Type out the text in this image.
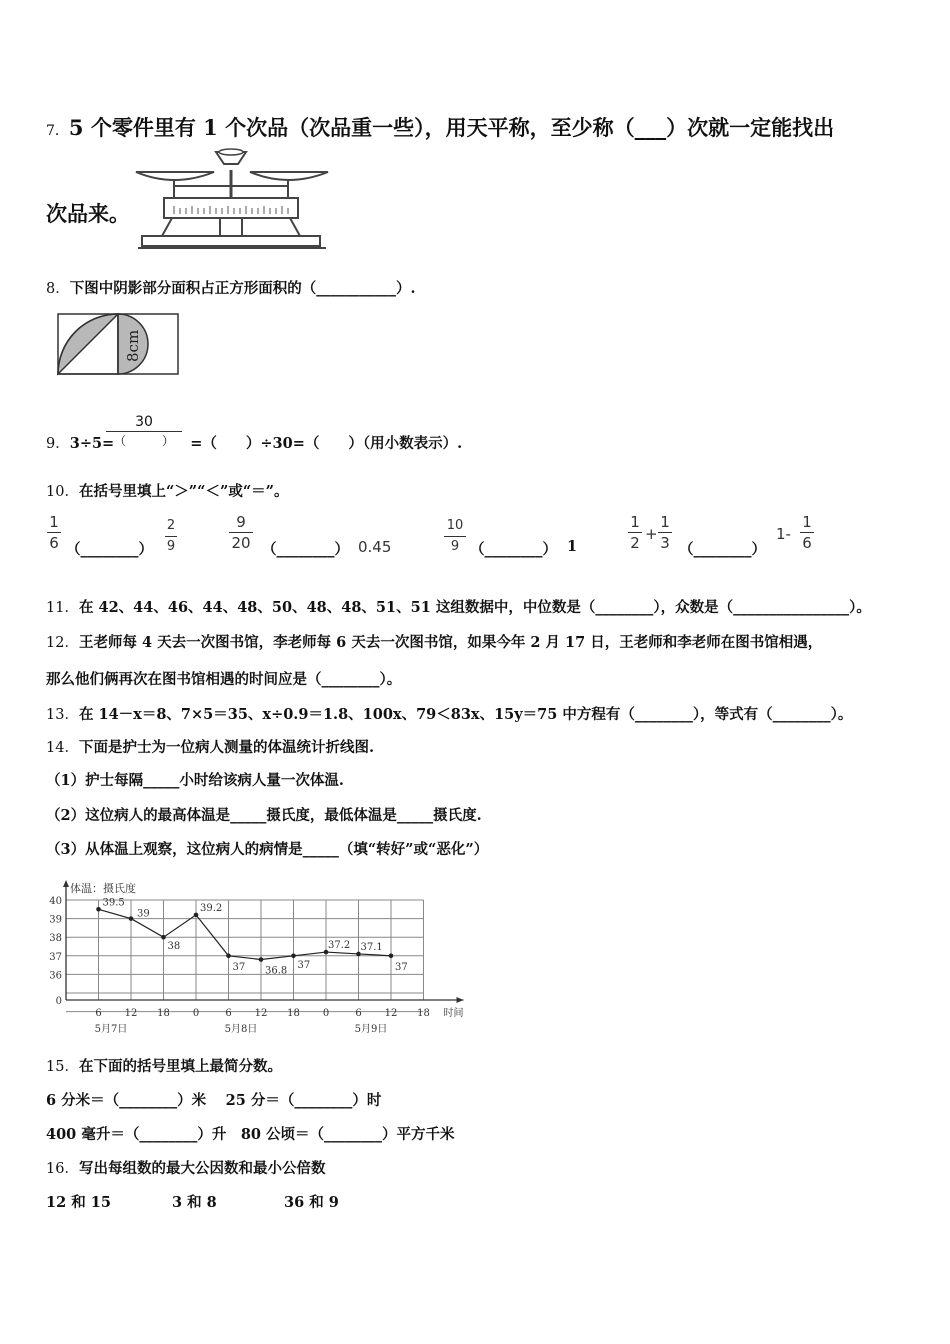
7．5 个零件里有 1 个次品（次品重一些），用天平称，至少称（___）次就一定能找出
次品来。
8．下图中阴影部分面积占正方形面积的（___________）.
8cm
9．3÷5=	=（　　）÷30=（　　）（用小数表示）.
30
（　　　）
10．在括号里填上“＞”“＜”或“＝”。
$\frac{1}{6}$ （________） $\frac{2}{9}$	$\frac{9}{20}$ （________） 0.45	$\frac{10}{9}$ （________） 1	$\frac{1}{2} + \frac{1}{3}$ （________）
$1- \frac{1}{6}$
11．在 42、44、46、44、48、50、48、48、51、51 这组数据中，中位数是（________），众数是（________________）。
12．王老师每 4 天去一次图书馆，李老师每 6 天去一次图书馆，如果今年 2 月 17 日，王老师和李老师在图书馆相遇，
那么他们俩再次在图书馆相遇的时间应是（________）。
13．在 14－x＝8、7×5＝35、x÷0.9＝1.8、100x、79＜83x、15y＝75 中方程有（________），等式有（________）。
14．下面是护士为一位病人测量的体温统计折线图.
（1）护士每隔_____小时给该病人量一次体温.
（2）这位病人的最高体温是_____摄氏度，最低体温是_____摄氏度.
（3）从体温上观察，这位病人的病情是_____（填“转好”或“恶化”）
体温：摄氏度
40
39
38
37
36
0
6 12 18 0	6 12 18 0	6 12 18 时间
5月7日	5月8日	5月9日
39.5
39
38
39.2
37 36.8
37
37.2 37.1
37
15．在下面的括号里填上最简分数。
6 分米＝（________）米　 25 分＝（________）时
400 毫升＝（________）升　80 公顷＝（________）平方千米
16．写出每组数的最大公因数和最小公倍数
12 和 15	3 和 8	36 和 9
